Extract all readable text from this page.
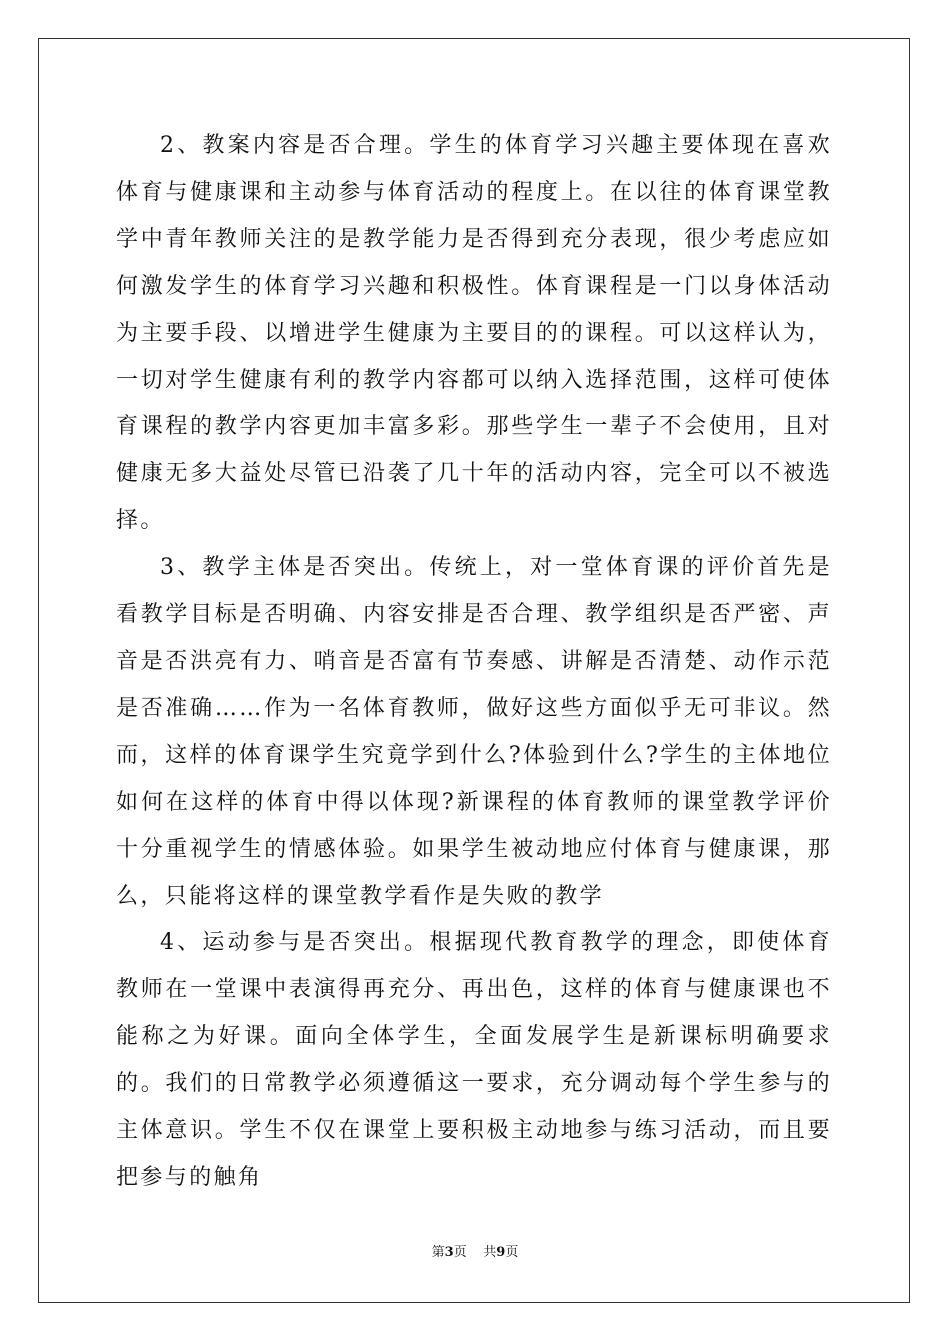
2、教案内容是否合理。学生的体育学习兴趣主要体现在喜欢体育与健康课和主动参与体育活动的程度上。在以往的体育课堂教学中青年教师关注的是教学能力是否得到充分表现，很少考虑应如何激发学生的体育学习兴趣和积极性。体育课程是一门以身体活动为主要手段、以增进学生健康为主要目的的课程。可以这样认为，一切对学生健康有利的教学内容都可以纳入选择范围，这样可使体育课程的教学内容更加丰富多彩。那些学生一辈子不会使用，且对健康无多大益处尽管已沿袭了几十年的活动内容，完全可以不被选择。

3、教学主体是否突出。传统上，对一堂体育课的评价首先是看教学目标是否明确、内容安排是否合理、教学组织是否严密、声音是否洪亮有力、哨音是否富有节奏感、讲解是否清楚、动作示范是否准确……作为一名体育教师，做好这些方面似乎无可非议。然而，这样的体育课学生究竟学到什么?体验到什么?学生的主体地位如何在这样的体育中得以体现?新课程的体育教师的课堂教学评价十分重视学生的情感体验。如果学生被动地应付体育与健康课，那么，只能将这样的课堂教学看作是失败的教学

4、运动参与是否突出。根据现代教育教学的理念，即使体育教师在一堂课中表演得再充分、再出色，这样的体育与健康课也不能称之为好课。面向全体学生，全面发展学生是新课标明确要求的。我们的日常教学必须遵循这一要求，充分调动每个学生参与的主体意识。学生不仅在课堂上要积极主动地参与练习活动，而且要把参与的触角

第3页 共9页
